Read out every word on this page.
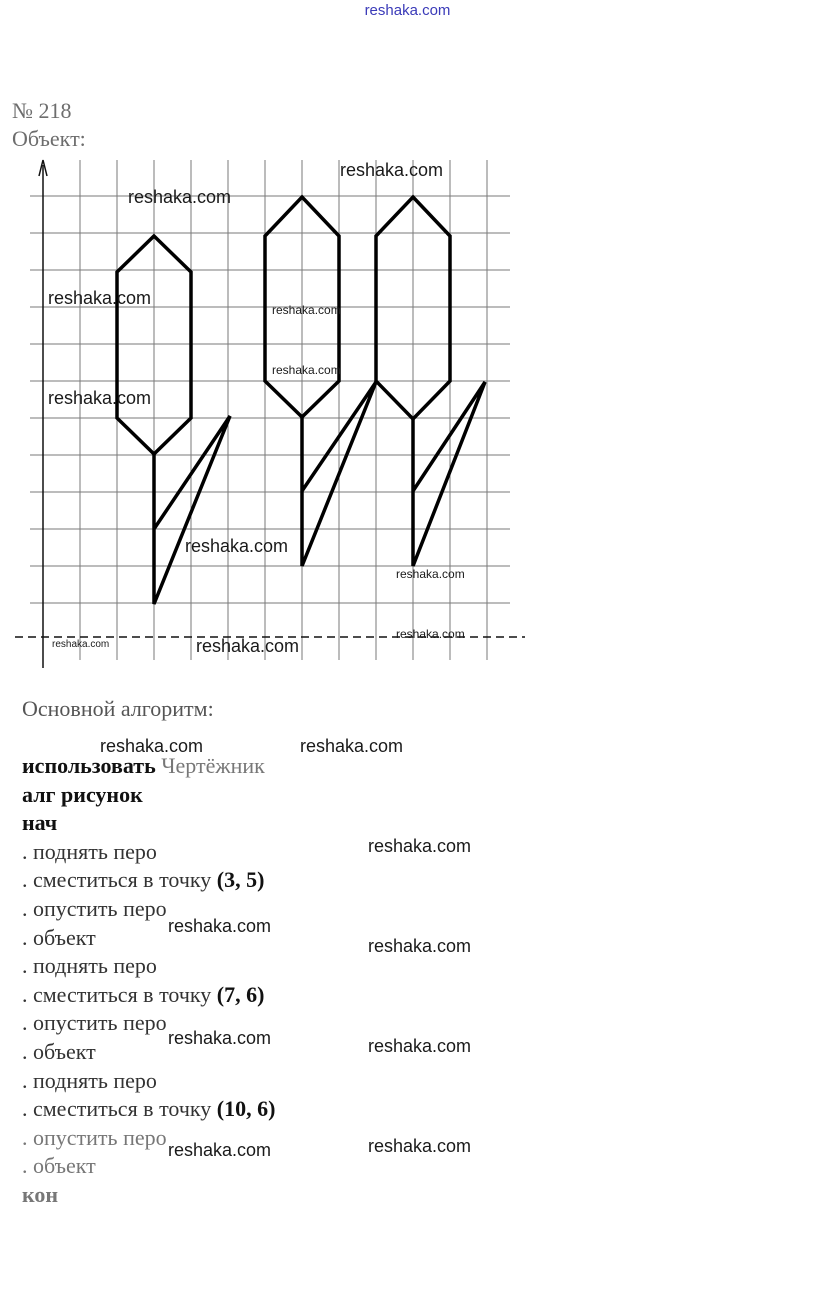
reshaka.com
№ 218
Объект:
reshaka.com
reshaka.com
reshaka.com
reshaka.com
reshaka.com
reshaka.com
reshaka.com
reshaka.com
reshaka.com
reshaka.com	reshaka.com
Основной алгоритм:
reshaka.com	reshaka.com
использовать Чертёжник
алг рисунок
нач
. поднять перо
. сместиться в точку (3, 5)
. опустить перо
. объект
. поднять перо
. сместиться в точку (7, 6)
. опустить перо
. объект
. поднять перо
. сместиться в точку (10, 6)
. опустить перо
. объект
кон
reshaka.com
reshaka.com
reshaka.com
reshaka.com	reshaka.com
reshaka.com	reshaka.com
